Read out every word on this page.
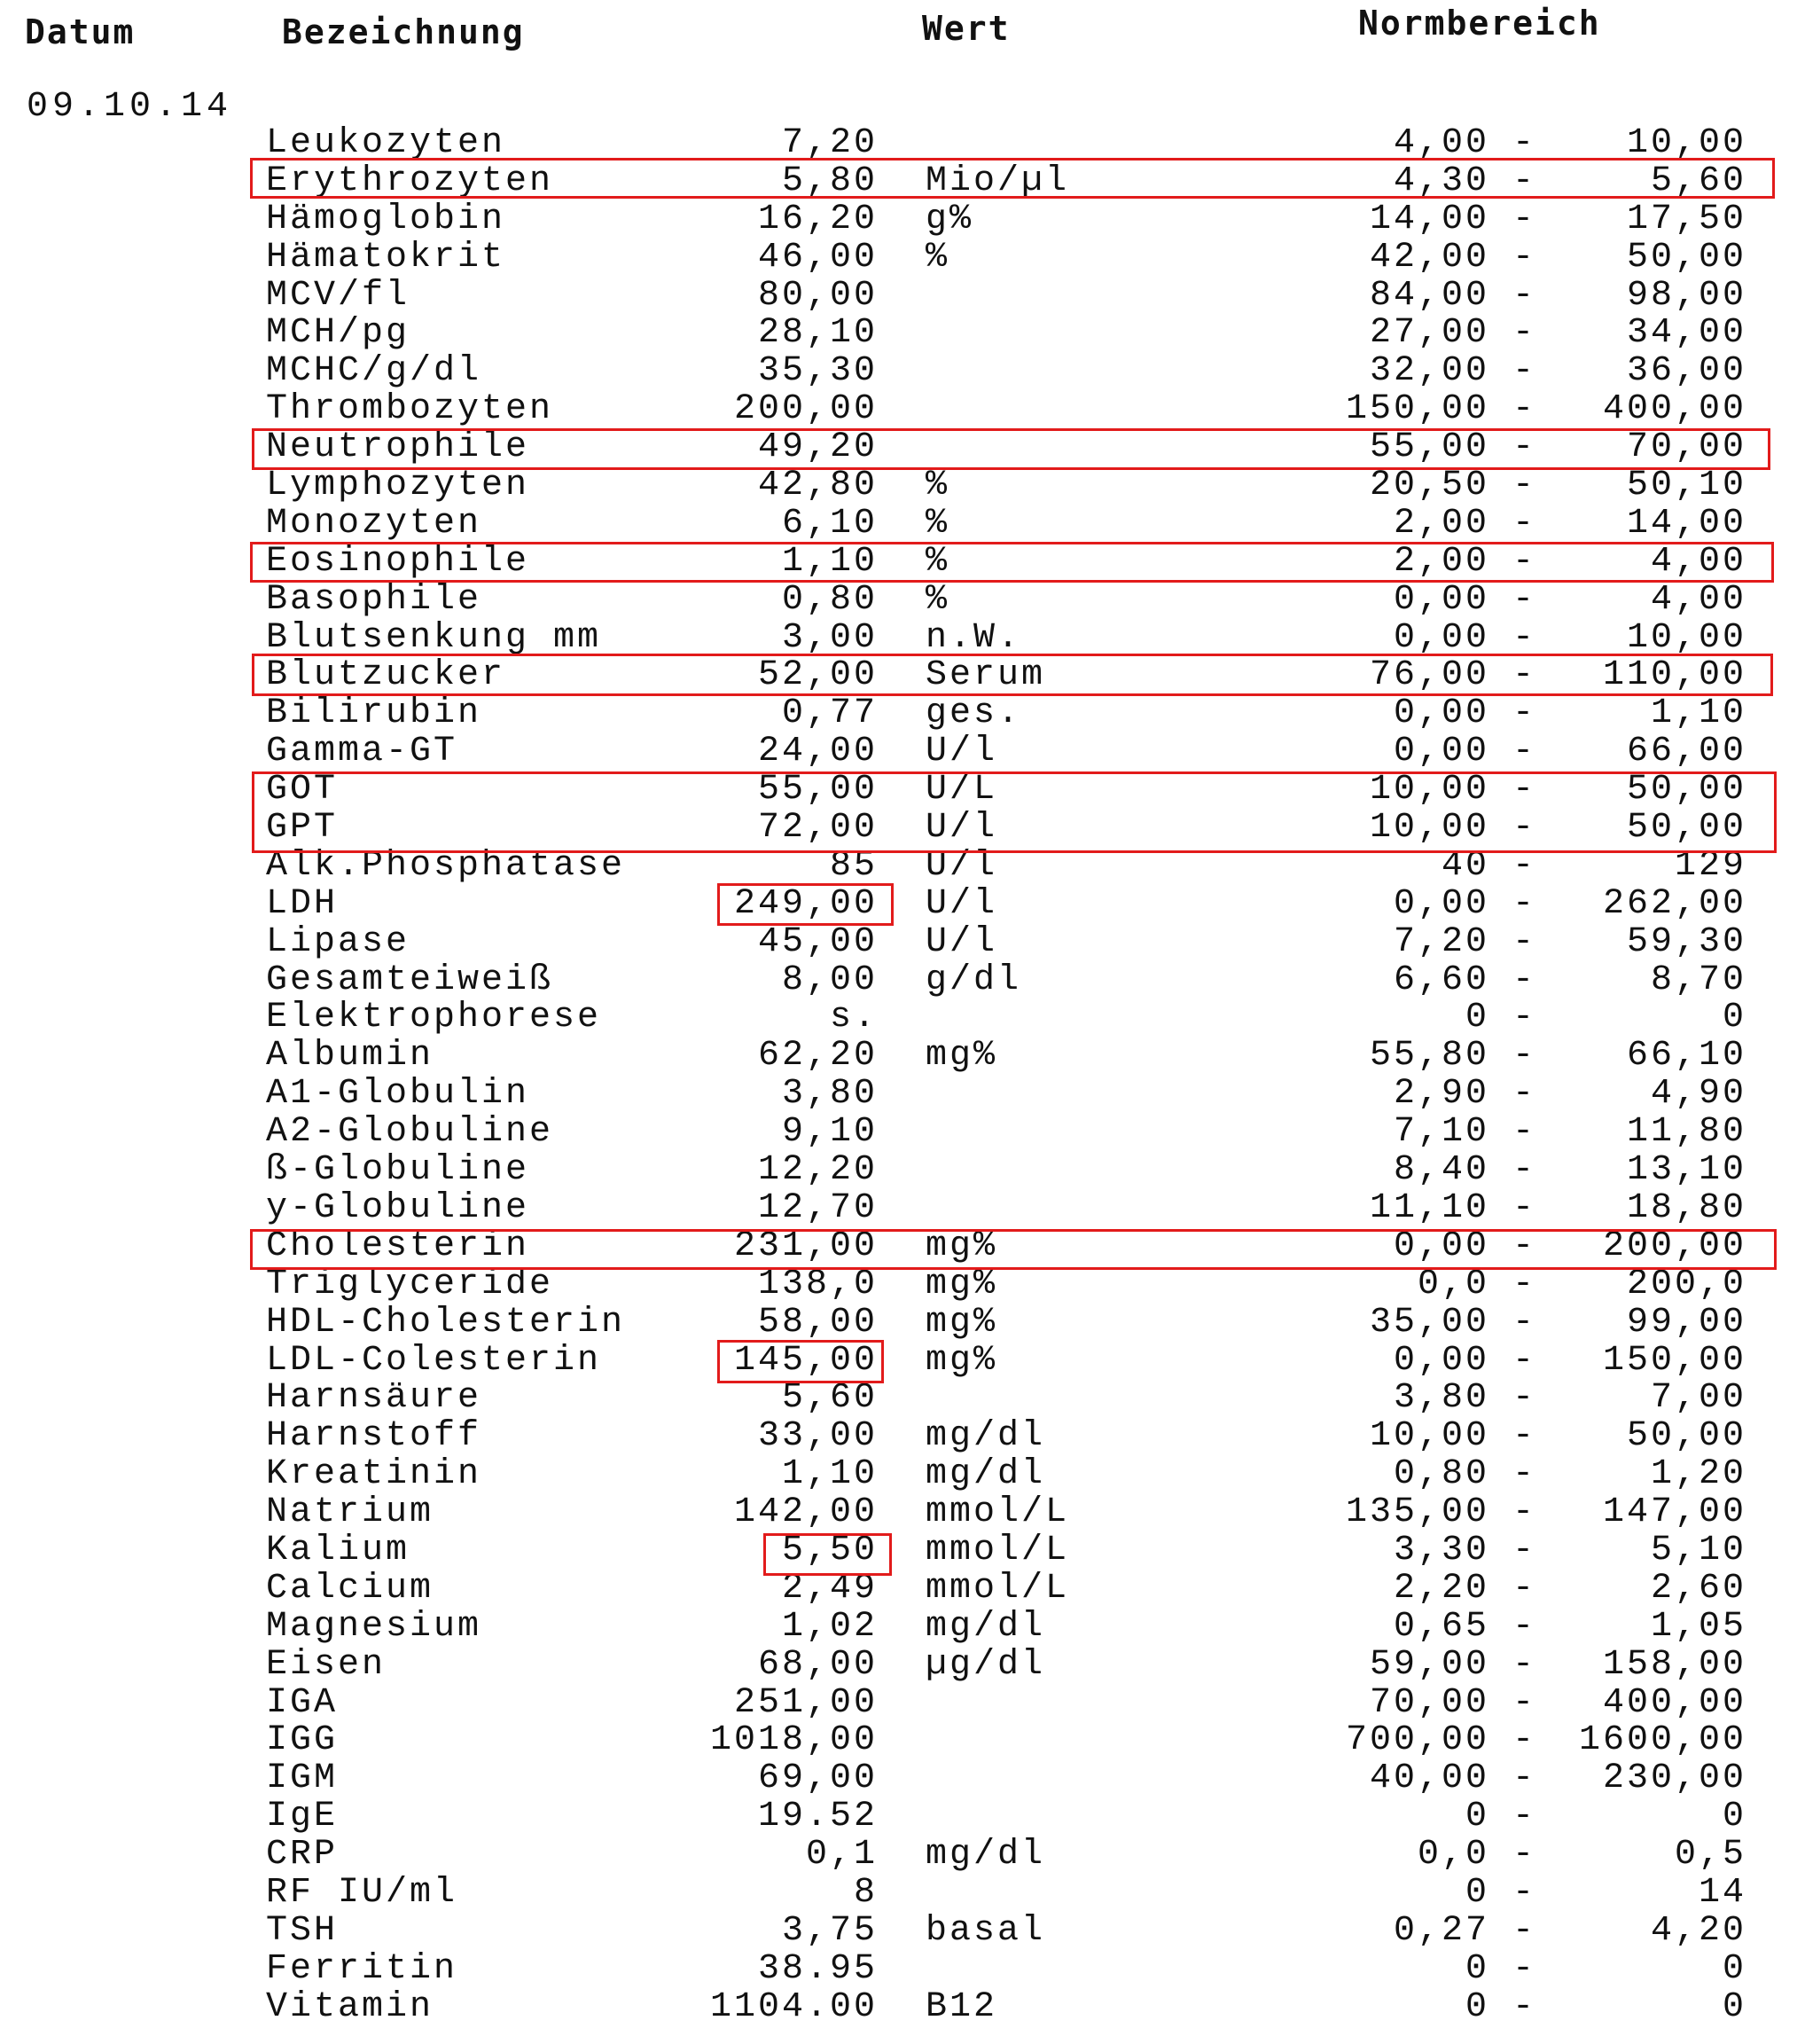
Datum	Bezeichnung	Wert	Normbereich
09.10.14
Leukozyten	7,20	4,00	10,00
-
Erythrozyten	5,80 Mio/µl	4,30	5,60
-
Hämoglobin	16,20 g%	14,00	17,50
-
Hämatokrit	46,00 %	42,00	50,00
-
MCV/fl	80,00	84,00	98,00
-
MCH/pg	28,10	27,00	34,00
-
MCHC/g/dl	35,30	32,00	36,00
-
Thrombozyten	200,00	150,00	400,00
-
Neutrophile	49,20	55,00	70,00
-
Lymphozyten	42,80 %	20,50	50,10
-
Monozyten	6,10 %	2,00	14,00
-
Eosinophile	1,10 %	2,00	4,00
-
Basophile	0,80 %	0,00	4,00
-
Blutsenkung mm	3,00 n.W.	0,00	10,00
-
Blutzucker	52,00 Serum	76,00	110,00
-
Bilirubin	0,77 ges.	0,00	1,10
-
Gamma-GT	24,00 U/l	0,00	66,00
-
GOT	55,00 U/L	10,00	50,00
-
GPT	72,00 U/l	10,00	50,00
-
Alk.Phosphatase	85 U/l	40	129
-
LDH	249,00 U/l	0,00	262,00
-
Lipase	45,00 U/l	7,20	59,30
-
Gesamteiweiß	8,00 g/dl	6,60	8,70
-
Elektrophorese	s.	0	0
-
Albumin	62,20 mg%	55,80	66,10
-
A1-Globulin	3,80	2,90	4,90
-
A2-Globuline	9,10	7,10	11,80
-
ß-Globuline	12,20	8,40	13,10
-
y-Globuline	12,70	11,10	18,80
-
Cholesterin	231,00 mg%	0,00	200,00
-
Triglyceride	138,0 mg%	0,0	200,0
-
HDL-Cholesterin	58,00 mg%	35,00	99,00
-
LDL-Colesterin	145,00 mg%	0,00	150,00
-
Harnsäure	5,60	3,80	7,00
-
Harnstoff	33,00 mg/dl	10,00	50,00
-
Kreatinin	1,10 mg/dl	0,80	1,20
-
Natrium	142,00 mmol/L	135,00	147,00
-
Kalium	5,50 mmol/L	3,30	5,10
-
Calcium	2,49 mmol/L	2,20	2,60
-
Magnesium	1,02 mg/dl	0,65	1,05
-
Eisen	68,00 µg/dl	59,00	158,00
-
IGA	251,00	70,00	400,00
-
IGG	1018,00	700,00	1600,00
-
IGM	69,00	40,00	230,00
-
IgE	19.52	0	0
-
CRP	0,1 mg/dl	0,0	0,5
-
RF IU/ml	8	0	14
-
TSH	3,75 basal	0,27	4,20
-
Ferritin	38.95	0	0
-
Vitamin	1104.00 B12	0	0
-
